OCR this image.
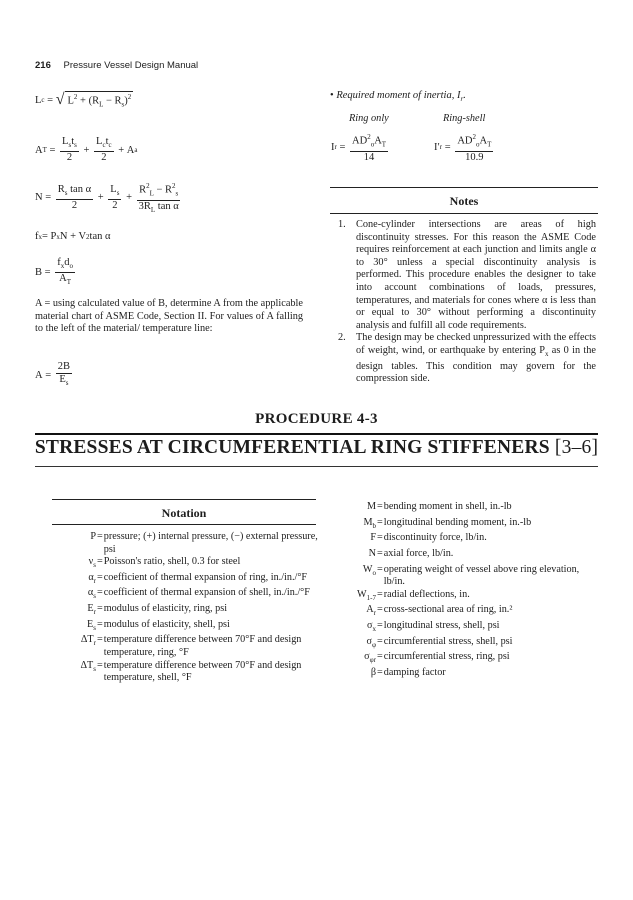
216 Pressure Vessel Design Manual
L c = √ $L^2 + (R_L - R_s)^2$
A $T = \frac{L_st_s}{2} + \frac{L_ct_c}{2} + A$ a
$N = \frac{R_s \tan \alpha}{2} + \frac{L_s}{2} + \frac{R^2_L - R^2_s}{3R_L \tan \alpha}$
f x = P x N + V 2 tan α
$B = \frac{f_xd_o}{A_T}$
A = using calculated value of B, determine A from the applicable material chart of ASME Code, Section II. For values of A falling to the left of the material/ temperature line:
$A = \frac{2B}{E_s}$
• Required moment of inertia, $I_r$.
Ring only	Ring-shell
I $r = \frac{AD^2_oA_T}{14}$	I′ $r = \frac{AD^2_oA_T}{10.9}$
Notes
1. Cone-cylinder intersections are areas of high discontinuity stresses. For this reason the ASME Code requires reinforcement at each junction and limits angle α to 30° unless a special discontinuity analysis is performed. This procedure enables the designer to take into account combinations of loads, pressures, temperatures, and materials for cones where α is less than or equal to 30° without performing a discontinuity analysis and fulfill all code requirements.
2. The design may be checked unpressurized with the effects of weight, wind, or earthquake by entering $P_x$ as 0 in the design tables. This condition may govern for the compression side.
PROCEDURE 4-3
STRESSES AT CIRCUMFERENTIAL RING STIFFENERS [3–6]
Notation
P = pressure; (+) internal pressure, (−) external pressure, psi
$\nu_s$ = Poisson's ratio, shell, 0.3 for steel
$\alpha_r$ = coefficient of thermal expansion of ring, in./in./°F
$\alpha_s$ = coefficient of thermal expansion of shell, in./in./°F
$E_r$ = modulus of elasticity, ring, psi
$E_s$ = modulus of elasticity, shell, psi
$\Delta T_r$ = temperature difference between 70°F and design temperature, ring, °F
$\Delta T_s$ = temperature difference between 70°F and design temperature, shell, °F
M = bending moment in shell, in.-lb
$M_b$ = longitudinal bending moment, in.-lb
F = discontinuity force, lb/in.
N = axial force, lb/in.
$W_o$ = operating weight of vessel above ring elevation, lb/in.
$W_{1-7}$ = radial deflections, in.
$A_r$ = cross-sectional area of ring, in.²
$\sigma_x$ = longitudinal stress, shell, psi
$\sigma_\varphi$ = circumferential stress, shell, psi
$\sigma_{\varphi r}$ = circumferential stress, ring, psi
β = damping factor
